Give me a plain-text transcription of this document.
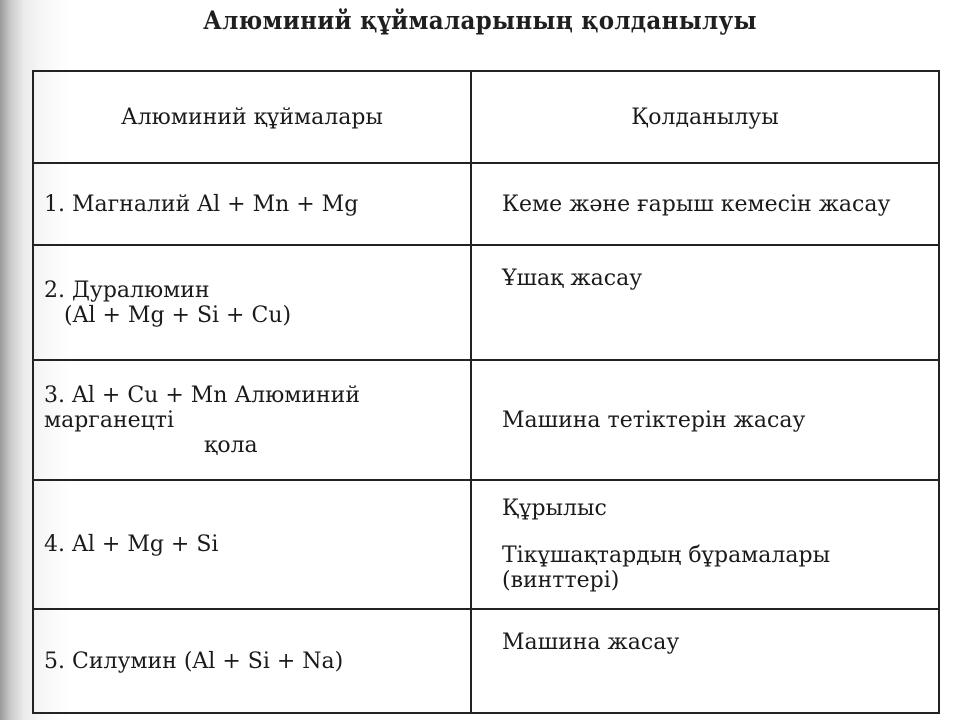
Алюминий құймаларының қолданылуы
Алюминий құймалары	Қолданылуы

1. Магналий Al + Mn + Mg	Кеме және ғарыш кемесін жасау

2. Дуралюмин
(Al + Mg + Si + Cu)	Ұшақ жасау

3. Al + Cu + Mn Алюминий марганецті
қола	Машина тетіктерін жасау

4. Al + Mg + Si	Құрылыс
Тікұшақтардың бұрамалары (винттері)

5. Силумин (Al + Si + Na)	Машина жасау
